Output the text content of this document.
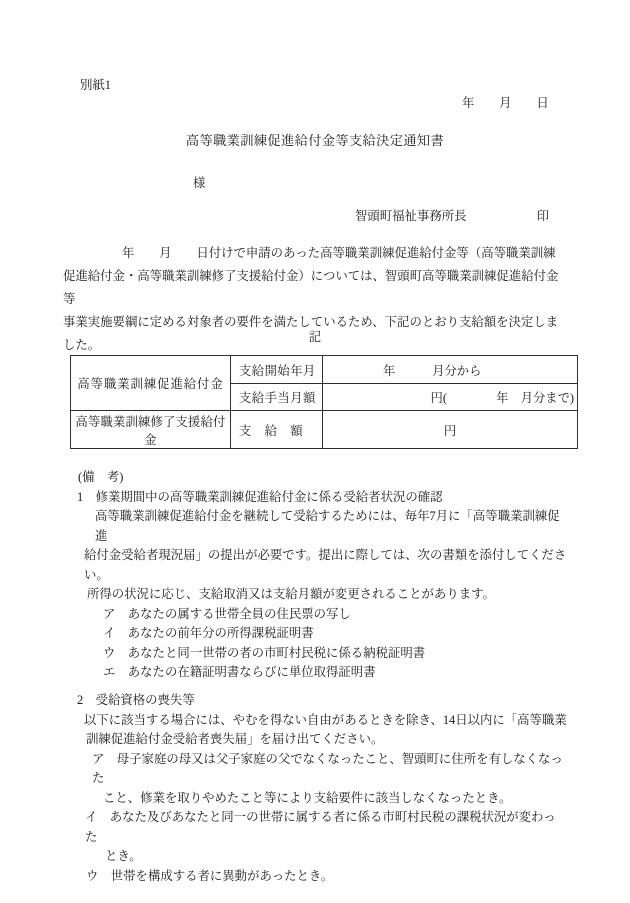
別紙1
年　　月　　日
高等職業訓練促進給付金等支給決定通知書
様
智頭町福祉事務所長	印
年　　月　　日付けで申請のあった高等職業訓練促進給付金等（高等職業訓練
促進給付金・高等職業訓練修了支援給付金）については、智頭町高等職業訓練促進給付金等
事業実施要綱に定める対象者の要件を満たしているため、下記のとおり支給額を決定しま
した。
記
高等職業訓練促進給付金	支給開始年月	年　　　月分から
	支給手当月額	円(　　　　年　月分まで)
高等職業訓練修了支援給付金	支　給　額	円
(備　考)
1　修業期間中の高等職業訓練促進給付金に係る受給者状況の確認
高等職業訓練促進給付金を継続して受給するためには、毎年7月に「高等職業訓練促進
給付金受給者現況届」の提出が必要です。提出に際しては、次の書類を添付してください。
所得の状況に応じ、支給取消又は支給月額が変更されることがあります。
ア　あなたの属する世帯全員の住民票の写し
イ　あなたの前年分の所得課税証明書
ウ　あなたと同一世帯の者の市町村民税に係る納税証明書
エ　あなたの在籍証明書ならびに単位取得証明書
2　受給資格の喪失等
以下に該当する場合には、やむを得ない自由があるときを除き、14日以内に「高等職業
訓練促進給付金受給者喪失届」を届け出てください。
ア　母子家庭の母又は父子家庭の父でなくなったこと、智頭町に住所を有しなくなった
こと、修業を取りやめたこと等により支給要件に該当しなくなったとき。
イ　あなた及びあなたと同一の世帯に属する者に係る市町村民税の課税状況が変わった
とき。
ウ　世帯を構成する者に異動があったとき。
